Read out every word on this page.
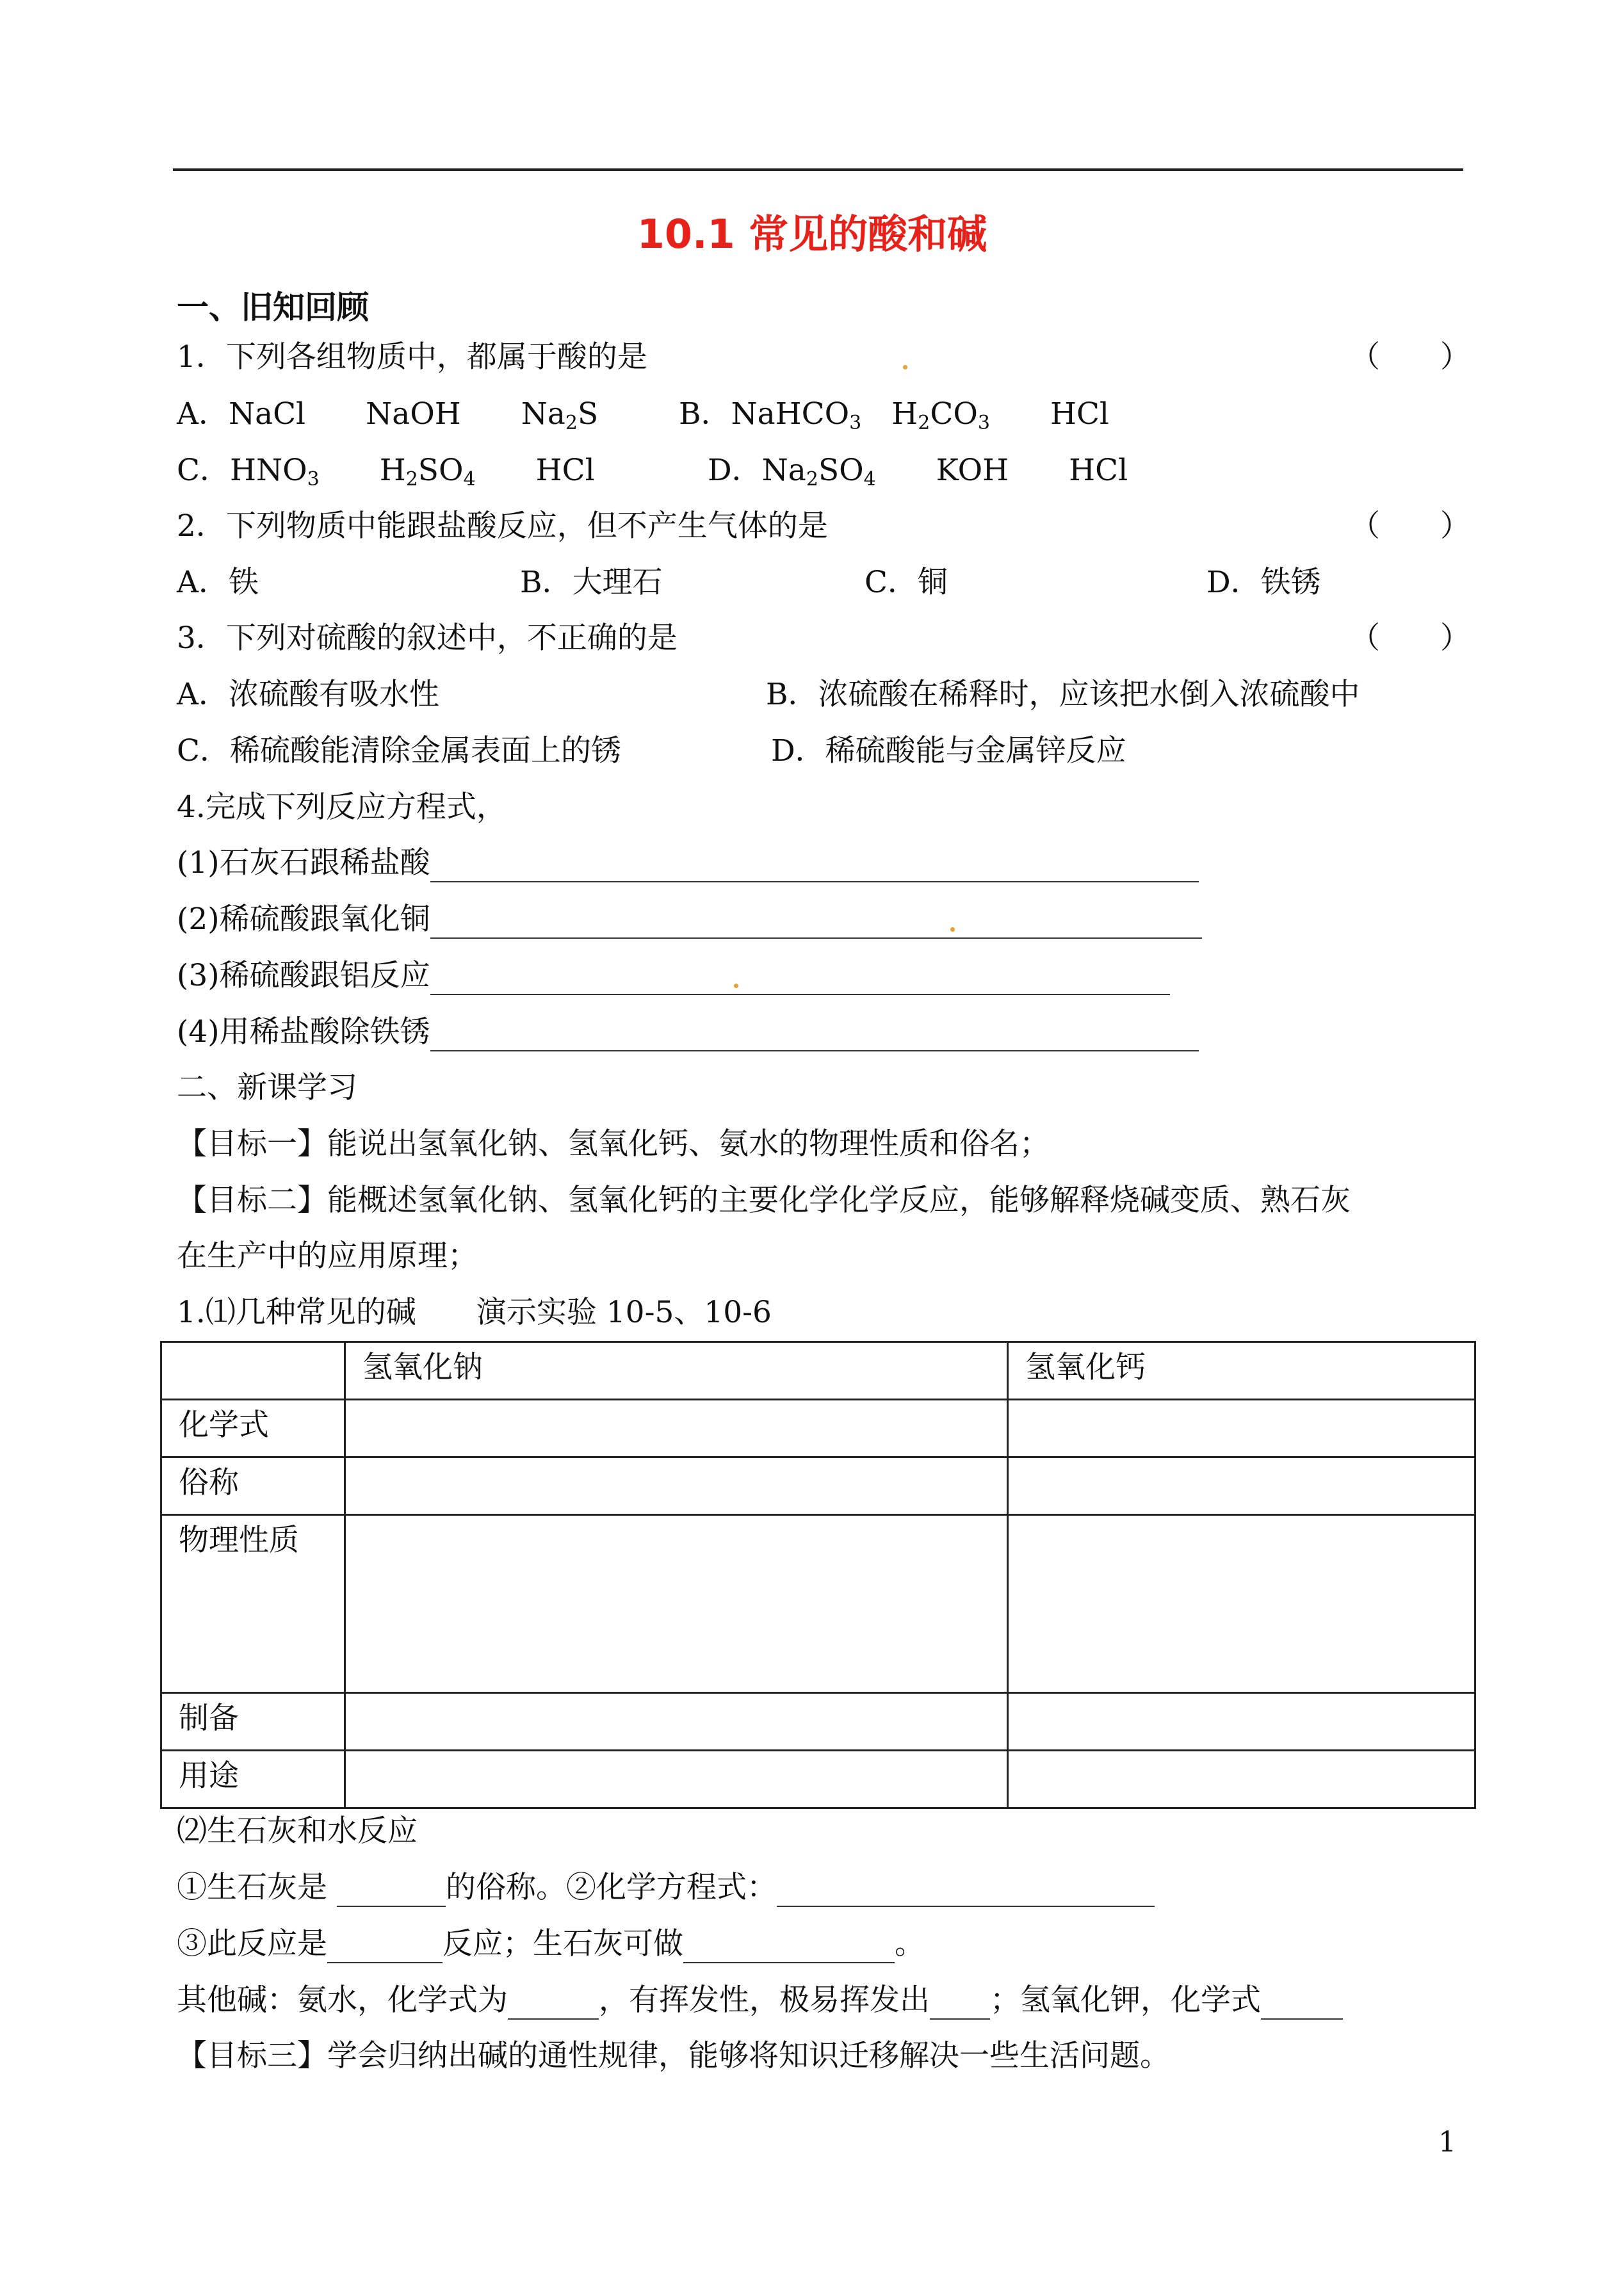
10.1 常见的酸和碱
一、旧知回顾
1．下列各组物质中，都属于酸的是	（　　）
A．NaCl　　NaOH　　$Na_2S$	B．NaHCO$_3$　$H_2CO_3$　　HCl
C．$HNO_3$　　$H_2SO_4$　　HCl	D．$Na_2SO_4$　　KOH　　HCl
2．下列物质中能跟盐酸反应，但不产生气体的是	（　　）
A．铁	B．大理石	C．铜	D．铁锈
3．下列对硫酸的叙述中，不正确的是	（　　）
A．浓硫酸有吸水性	B．浓硫酸在稀释时，应该把水倒入浓硫酸中
C．稀硫酸能清除金属表面上的锈	D．稀硫酸能与金属锌反应
4.完成下列反应方程式，
(1)石灰石跟稀盐酸
(2)稀硫酸跟氧化铜
(3)稀硫酸跟铝反应
(4)用稀盐酸除铁锈
二、新课学习
【目标一】能说出氢氧化钠、氢氧化钙、氨水的物理性质和俗名；
【目标二】能概述氢氧化钠、氢氧化钙的主要化学化学反应，能够解释烧碱变质、熟石灰
在生产中的应用原理；
1.⑴几种常见的碱　　演示实验 10-5、10-6
	氢氧化钠	氢氧化钙
化学式		
俗称		
物理性质		
制备		
用途		
⑵生石灰和水反应
①生石灰是	的俗称。②化学方程式：
③此反应是	反应；生石灰可做	。
其他碱：氨水，化学式为	，有挥发性，极易挥发出 ；氢氧化钾，化学式
【目标三】学会归纳出碱的通性规律，能够将知识迁移解决一些生活问题。
1
